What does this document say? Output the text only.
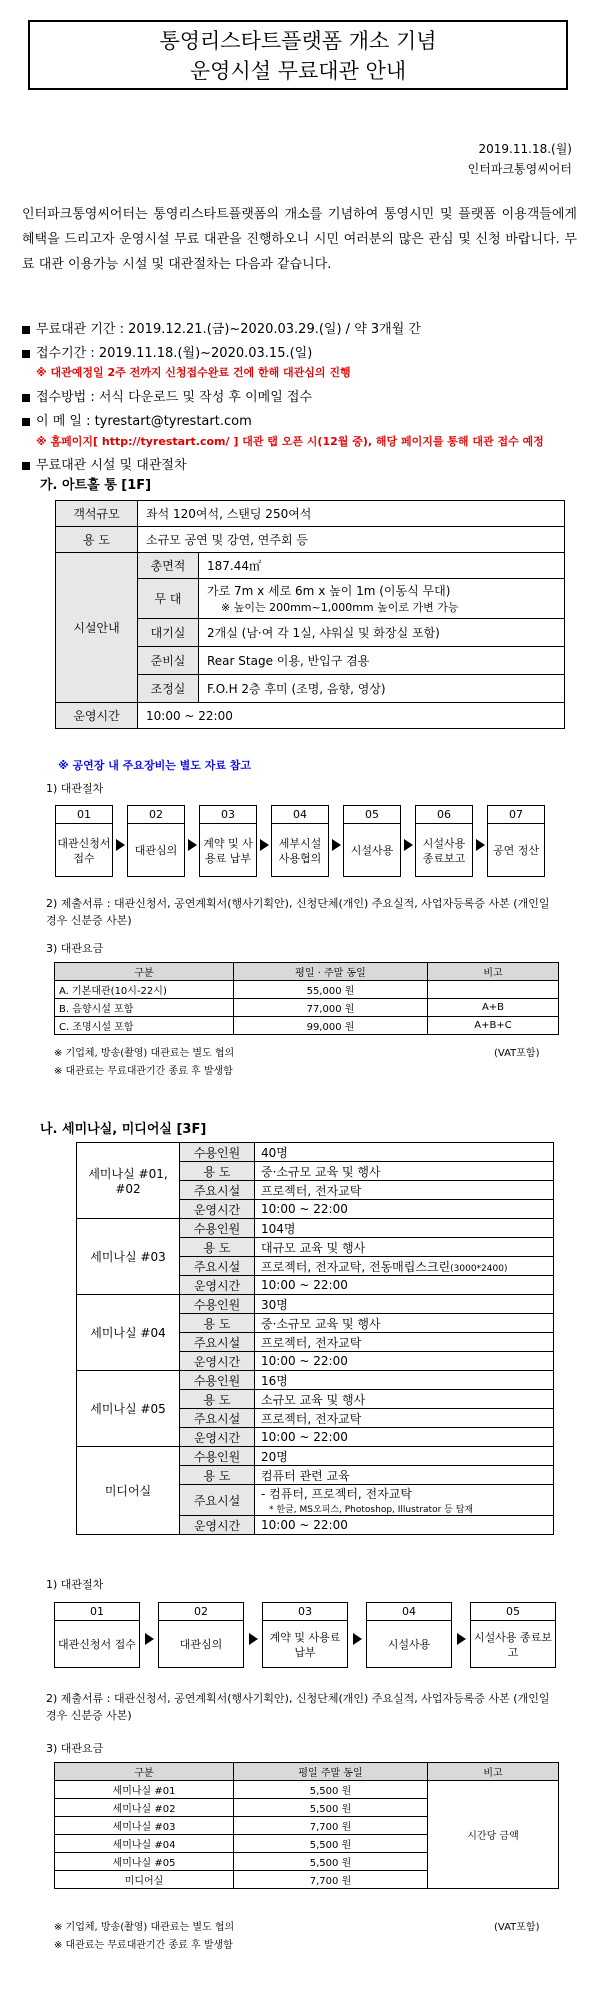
통영리스타트플랫폼 개소 기념
운영시설 무료대관 안내
2019.11.18.(월)
인터파크통영씨어터
인터파크통영씨어터는 통영리스타트플랫폼의 개소를 기념하여 통영시민 및 플랫폼 이용객들에게 혜택을 드리고자 운영시설 무료 대관을 진행하오니 시민 여러분의 많은 관심 및 신청 바랍니다. 무료 대관 이용가능 시설 및 대관절차는 다음과 같습니다.
무료대관 기간 : 2019.12.21.(금)~2020.03.29.(일) / 약 3개월 간
접수기간 : 2019.11.18.(월)~2020.03.15.(일)
※ 대관예정일 2주 전까지 신청접수완료 건에 한해 대관심의 진행
접수방법 : 서식 다운로드 및 작성 후 이메일 접수
이 메 일 : tyrestart@tyrestart.com
※ 홈페이지[ http://tyrestart.com/ ] 대관 탭 오픈 시(12월 중), 해당 페이지를 통해 대관 접수 예정
무료대관 시설 및 대관절차
가. 아트홀 통 [1F]
객석규모	좌석 120여석, 스탠딩 250여석	
용 도	소규모 공연 및 강연, 연주회 등	
시설안내	총면적	187.44㎡
	무 대	가로 7m x 세로 6m x 높이 1m (이동식 무대)
※ 높이는 200mm~1,000mm 높이로 가변 가능

	대기실	2개실 (남·여 각 1실, 샤워실 및 화장실 포함)
	준비실	Rear Stage 이용, 반입구 겸용
	조정실	F.O.H 2층 후미 (조명, 음향, 영상)
운영시간	10:00 ~ 22:00	
※ 공연장 내 주요장비는 별도 자료 참고
1) 대관절차
01
대관신청서 접수
02
대관심의
03
계약 및 사용료 납부
04
세부시설 사용협의
05
시설사용
06
시설사용 종료보고
07
공연 정산
2) 제출서류 : 대관신청서, 공연계획서(행사기획안), 신청단체(개인) 주요실적, 사업자등록증 사본 (개인일 경우 신분증 사본)
3) 대관요금
구분	평일 · 주말 동일	비고
A. 기본대관(10시-22시)	55,000 원	
B. 음향시설 포함	77,000 원	A+B
C. 조명시설 포함	99,000 원	A+B+C
※ 기업체, 방송(촬영) 대관료는 별도 협의	(VAT포함)
※ 대관료는 무료대관기간 종료 후 발생함
나. 세미나실, 미디어실 [3F]
세미나실 #01, #02	수용인원	40명
	용 도	중·소규모 교육 및 행사
	주요시설	프로젝터, 전자교탁
	운영시간	10:00 ~ 22:00
세미나실 #03	수용인원	104명
	용 도	대규모 교육 및 행사
	주요시설	프로젝터, 전자교탁, 전동매립스크린(3000*2400)
	운영시간	10:00 ~ 22:00
세미나실 #04	수용인원	30명
	용 도	중·소규모 교육 및 행사
	주요시설	프로젝터, 전자교탁
	운영시간	10:00 ~ 22:00
세미나실 #05	수용인원	16명
	용 도	소규모 교육 및 행사
	주요시설	프로젝터, 전자교탁
	운영시간	10:00 ~ 22:00
미디어실	수용인원	20명
	용 도	컴퓨터 관련 교육
	주요시설	- 컴퓨터, 프로젝터, 전자교탁
* 한글, MS오피스, Photoshop, Illustrator 등 탑재

	운영시간	10:00 ~ 22:00
1) 대관절차
01
대관신청서 접수
02
대관심의
03
계약 및 사용료 납부
04
시설사용
05
시설사용 종료보고
2) 제출서류 : 대관신청서, 공연계획서(행사기획안), 신청단체(개인) 주요실적, 사업자등록증 사본 (개인일 경우 신분증 사본)
3) 대관요금
구분	평일 주말 동일	비고
세미나실 #01	5,500 원	시간당 금액
세미나실 #02	5,500 원	
세미나실 #03	7,700 원	
세미나실 #04	5,500 원	
세미나실 #05	5,500 원	
미디어실	7,700 원	
※ 기업체, 방송(촬영) 대관료는 별도 협의	(VAT포함)
※ 대관료는 무료대관기간 종료 후 발생함
